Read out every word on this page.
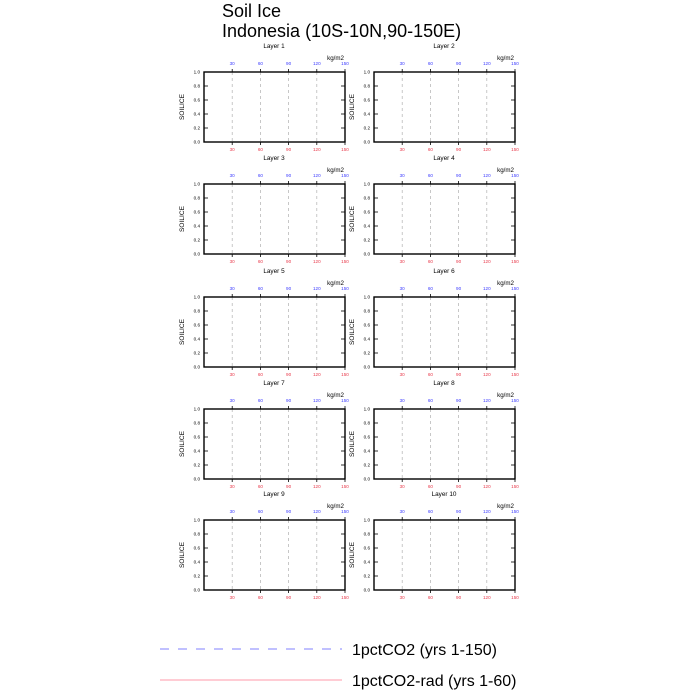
Soil Ice
Indonesia (10S-10N,90-150E)
0.0
0.2
0.4
0.6
0.8
1.0
30
30
60
60
90
90
120
120
150
150
Layer 1
kg/m2
SOILICE
0.0
0.2
0.4
0.6
0.8
1.0
30
30
60
60
90
90
120
120
150
150
Layer 2
kg/m2
SOILICE
0.0
0.2
0.4
0.6
0.8
1.0
30
30
60
60
90
90
120
120
150
150
Layer 3
kg/m2
SOILICE
0.0
0.2
0.4
0.6
0.8
1.0
30
30
60
60
90
90
120
120
150
150
Layer 4
kg/m2
SOILICE
0.0
0.2
0.4
0.6
0.8
1.0
30
30
60
60
90
90
120
120
150
150
Layer 5
kg/m2
SOILICE
0.0
0.2
0.4
0.6
0.8
1.0
30
30
60
60
90
90
120
120
150
150
Layer 6
kg/m2
SOILICE
0.0
0.2
0.4
0.6
0.8
1.0
30
30
60
60
90
90
120
120
150
150
Layer 7
kg/m2
SOILICE
0.0
0.2
0.4
0.6
0.8
1.0
30
30
60
60
90
90
120
120
150
150
Layer 8
kg/m2
SOILICE
0.0
0.2
0.4
0.6
0.8
1.0
30
30
60
60
90
90
120
120
150
150
Layer 9
kg/m2
SOILICE
0.0
0.2
0.4
0.6
0.8
1.0
30
30
60
60
90
90
120
120
150
150
Layer 10
kg/m2
SOILICE
1pctCO2 (yrs 1-150)
1pctCO2-rad (yrs 1-60)
